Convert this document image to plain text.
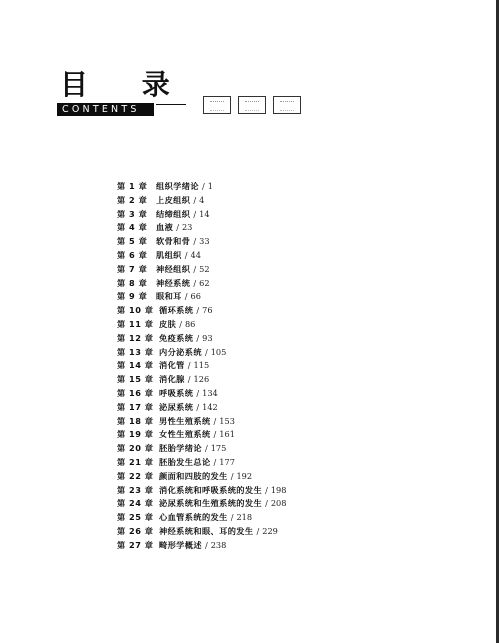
目 录
CONTENTS
第 1 章 组织学绪论 / 1
第 2 章 上皮组织 / 4
第 3 章 结缔组织 / 14
第 4 章 血液 / 23
第 5 章 软骨和骨 / 33
第 6 章 肌组织 / 44
第 7 章 神经组织 / 52
第 8 章 神经系统 / 62
第 9 章 眼和耳 / 66
第 10 章 循环系统 / 76
第 11 章 皮肤 / 86
第 12 章 免疫系统 / 93
第 13 章 内分泌系统 / 105
第 14 章 消化管 / 115
第 15 章 消化腺 / 126
第 16 章 呼吸系统 / 134
第 17 章 泌尿系统 / 142
第 18 章 男性生殖系统 / 153
第 19 章 女性生殖系统 / 161
第 20 章 胚胎学绪论 / 175
第 21 章 胚胎发生总论 / 177
第 22 章 颜面和四肢的发生 / 192
第 23 章 消化系统和呼吸系统的发生 / 198
第 24 章 泌尿系统和生殖系统的发生 / 208
第 25 章 心血管系统的发生 / 218
第 26 章 神经系统和眼、耳的发生 / 229
第 27 章 畸形学概述 / 238
